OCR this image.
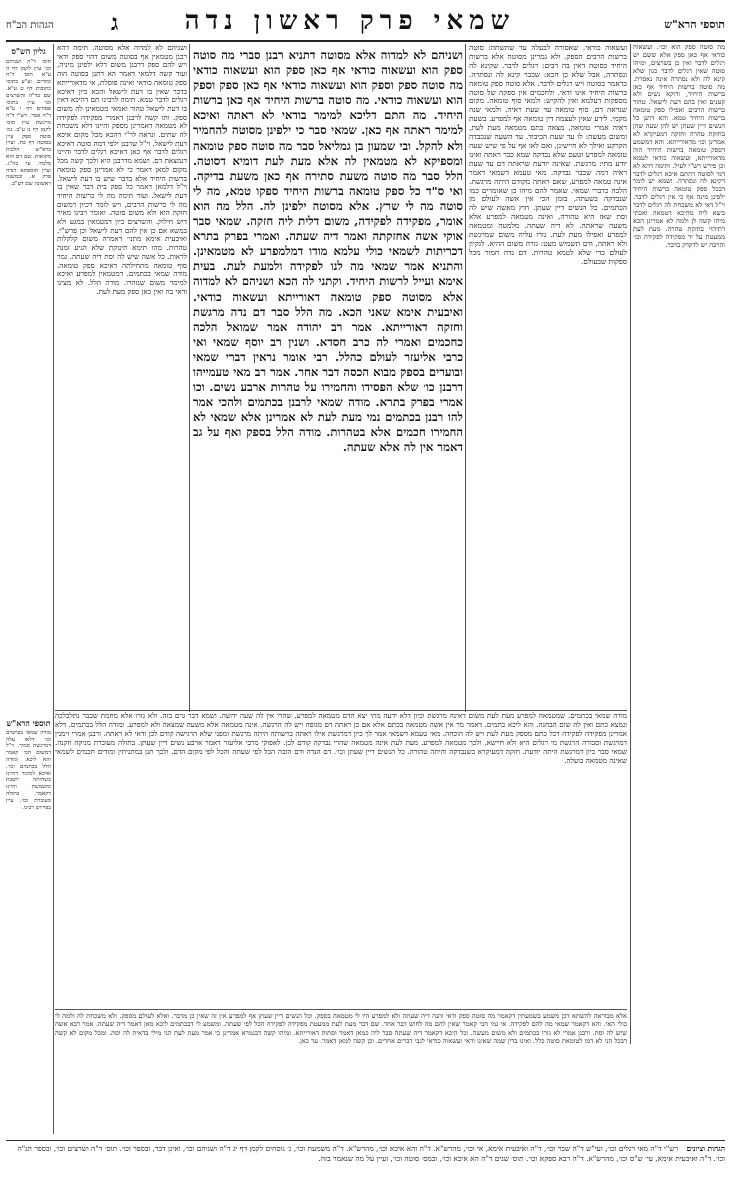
תוספי הרא"ש
שמאי פרק ראשון נדה
ג
הגהות הב"ח

מה סוטה ספק הוא וכו׳. ועשאוה כודאי אף כאן ספק אלא ששם יש רגלים לדבר ואין כן בשרצים, ומיהו סוטה שאין רגלים לדבר כגון שלא קינא לה ולא נסתרה אינה נאסרת. מה סוטה ברשות היחיד אף כאן ברשות היחיד, ודוקא נשים ולא קטנים ואין בהם דעת לישאל. טהור ברשות הרבים ואפילו ספק טומאה ברשות היחיד טמא. והא דתנן כל הנשים דיין שעתן יש להן שעה שהן בחזקת טהרה וחזקה דמעיקרא לא אמרינן וכו׳ מדאורייתא. והא דמשמע דספק טומאה ברשות היחיד הוה מדאורייתא, ועשאוה כודאי לטמא וכן פירש רש"י לעיל. ותימה דהא לא דמי לסוטה דהתם איכא רגלים לדבר דקינא לה ונסתרה. ושמא יש לומר דבכל ספק טומאה ברשות היחיד ילפינן מינה אף כי אין רגלים לדבר. וי"ל דאי לא משכחת לה רגלים לדבר ביצא ליה מהיכא דטמאה ואכתי מיהו קשה לן ולמה לא אמרינן הכא דתיהוי בחזקת טהרה. מעת לעת ממעטת על יד מפקידה לפקידה וכו׳ והרבה יש לדקדק בדבר.

ועשאוה כודאי. שאסורה לבעלה עד שתשתה: סוטה כרשות הרבים הספק. ולא גמרינן מסוטה אלא ברשות היחיד כסוטה דאין בה רבים: רגלים לדבר. שקינא לה ונסתרה, אבל שלא כן הכא: שכבר קינא לה ונסתרה. כדאמר בסוטה ויש רגלים לדבר. אלא סוטה ספק טומאה ברשות היחיד אינו ודאי. ולחכמים אין ספקה של סוטה מספקות דעלמא ואין להקיש: ולמאי סוף טומאה. מקום שנראה דם, סוף טומאה עד שעת ראיה. ולמאי שנה מקמי. לידע שאין לעצמה דין טומאה אף למפרע. בשעת ראיה אמרי טומאה, מצאה כתם מטמאה מעת לעת, ומשום מעשה: לו עד שעת הכיבוד. עד השעה שנכבדה הקרקע ואילך לא חיישינן, ואם לאו אף על פי שיש שעה טומאה למפרע וטעם שלא נבדקה שמא כבר ראתה ואינו יודע מתי: מרגשת. שאינה יודעת שראתה דם עד שעת ראיה דמה שכבר נבדקה. מאי טעמא דשמאי דאמר אינה טמאה למפרע, שאם ראתה מקודם היתה מרגשת. הלכה כדברי שמאי. שאמר להם מיהו כן שאומרים כמו שנבדקה בשעתה, בזמן הכי אין אשה לעולם מן הכתמים. כל הנשים דיין שעתן. חוץ מאשה שיש לה וסת שאז היא טהורה, ואינה מטמאה למפרע אלא משעה שראתה. לא דיה שעתה. מלמטה ומטמאה למפרע ואפילו מעת לעת. גזרו עליה משום שמרגשת ולא ראתה, ודם תשמיש מעט: גזרה משום ההיא. לנקיון לעולם כדי שלא לטמא טהרות. דם נדה חמור מכל ספקות שבעולם.

ושניהם לא למדוה אלא מסוטה דתניא רבנן סברי מה סוטה ספק הוא ועשאוה כודאי אף כאן ספק הוא ועשאוה כודאי מה סוטה ספק וספק הוא ועשאוה כודאי אף כאן ספק וספק הוא ועשאוה כודאי. מה סוטה ברשות היחיד אף כאן ברשות היחיד. מה התם דליכא למימר בודאי לא ראתה ואיכא למימר ראתה אף כאן. שמאי סבר כי ילפינן מסוטה להחמיר ולא להקל. ובי שמעון בן גמליאל סבר מה סוטה ספק טומאה ומספיקא לא מטמאין לה אלא מעת לעת דומיא דסוטה. הלל סבר מה סוטה משעת סתירה אף כאן משעת בדיקה. ואי ס"ד כל ספק טומאה ברשות היחיד ספקו טמא, מה לי סוטה מה לי שרץ. אלא מסוטה ילפינן לה. הלל מה הוא אומר, מפקידה לפקידה, משום דלית ליה חזקה. שמאי סבר אוקי אשה אחזקתה ואמר דיה שעתה. ואמרי בפרק בתרא דכריתות לשמאי כולי עלמא מודו דמלמפרע לא מטמאינן. והתניא אמר שמאי מה לנו לפקידה ולמעת לעת. בעית אימא ועייל לרשות היחיד. וקתני לה הכא ושניהם לא למדוה אלא מסוטה ספק טומאה דאורייתא ועשאוה כודאי. ואיבעית אימא שאני הכא. מה הלל סבר דם נדה מרגשת וחזקה דאורייתא. אמר רב יהודה אמר שמואל הלכה כחכמים ואמרי לה כרב חסדא. ושנין רב יוסף שמאי ואי כרבי אליעזר לעולם כהלל. רבי אומר נראין דברי שמאי ובוערים בספק מבוא הכסה דבר אחר. אמר רב מאי טעמייהו דרבנן כו׳ שלא הפסידו והחמירו על טהרות ארבע נשים. וכו אמרי בפרק בתרא. מודה שמאי לרבנן בכתמים ולהכי אמר להו רבנן בכתמים נמי מעת לעת לא אמרינן אלא שמאי לא החמירו חכמים אלא בטהרות. מודה הלל בספק ואף על גב דאמר אין לה אלא שעתה.

ושניהם לא למדוה אלא מסוטה. תימה דהא רבנן מטמאין אף בסוטה משום דהוי ספק ודאי ויש להם ספק דרבנן משום דלא ילפינן מיניה, ועוד קשה דלמאי דאמר הא דתנן בסוטה הוה ספק טומאה כודאי ואינה פוסלת, אי מדאורייתא בדבר שאין בו דעת לישאל והכא כיון דאיכא רגלים לדבר טמא. תימה לרבינו תם דהיכא דאין בו דעת לישאל טהור ואמאי מטמאינן לה משום ספק. ותו קשה לרבנן דאמרי מפקידה לפקידה לא מטמאה דאמרינן מספק והיינו דלא משכחת לה שתים. ונראה לר"י דהכא מכל מקום איכא דעת לישאל. וי"ל שרבנן ילפי דמה סוטה דאיכא רגלים לדבר אף כאן דאיכא רגלים לדבר והיינו דנמצאת דם. ושמא מדרבנן היא ולכך קשה מכל מקום למאן דאמר כי לא אמרינן ספק טומאה ברשות היחיד אלא בדבר שיש בו דעת לישאל. וי"ל דלמאן דאמר כל ספק בית דבר שאין בו דעת לישאל. ועוד תימה מה לי כרשות היחיד מה לי כרשות הרבים, ויש לומר דכיון דמשום חזקה הוא ולא משום סוטה. ואומר רבינו מאיר דיש חילוק. והשרצים כיון דמטמאין במגע ולא במשא אם כן אין להם דעת לישאל וכן פרש"י. ואיבעית אימא מתני׳ דאמרה משום קלקלות טהרות. מהו תימא תינוקת שלא הגיע זמנה לראות. כל אשה שיש לה וסת דיה שעתה. גמר סוף טומאה מתחילתה דאיכא ספק טומאה. מודה שמאי בכתמים. דמטמאין למפרע ואיכא למימר משום שנזהרו. מודה הלל. לא מצינו ודאי בה ואין כאן ספק מעת לעת.

גליון הש"ס

תוס׳ ד"ה ושניהם וכו׳ עיין לקמן דף ה ע"א תוס׳ ד"ה ומודים. וע"ע בתוס׳ כתובות דף ט ע"א. שם בד"ה והשרצים וכו׳ עיין בתוס׳ פסחים דף י ע"א ד"ה אמר. רש"י ד"ה מרגשת עיין תוס׳ לקמן דף נז ע"ב. גמ׳ סוטה ספק עיין בסוטה דף כח. ועיין ברא"ש הלכות מקואות. שם דם הוא מלמד. עי׳ בה"ג. ועיין תוספתא דנדה פרק א. ובמשנה ראשונה שם דע"ב.

מודה שמאי בכתמים. שמטמאה למפרע מעת לעת משום דאינה מרגשת וכיון דלא ידעה מתי יצא הדם מטמאה למפרע, שהרי אין לה שעה ידועה. ושמא דבר גרם בזה. ולא גזרו אלא מחמת שכבר נתלכלכה ונמצא כתם ואין לה שום הבחנה. והא ליכא כתמים. דאמר מר אין אשה מטמאה בכתם אלא אם כן ראתה דם מגופה ויש לה הרגשה. אינה מטמאה אלא משעה שמצאה ולא למפרע. ומודה הלל בכתמים. דלא אמרינן מפקידה לפקידה דכל כתם מספק מעת לעת ויש לה הוכחה. מאי טעמא דשמאי אמר לך כיון דמרגשת אילו ראתה ברשותה היתה מרגשת ומפני שלא הרגישה קודם לכן ודאי לא ראתה. ורבנן אמרי זימנין דמרגשת וסבורה הרגשת מי רגלים היא ולא חיישא, ולכך מטמאה למפרע. מעת לעת אינה מטמאה שהרי נבדקה קודם לכן. לאפוקי מרבי אליעזר דאמר ארבע נשים דיין שעתן. בתולה מעוברת מניקה וזקנה. שמאי סבר כיון דמרגשת היתה יודעת. חזקה דמעיקרא כשנבדקה והיתה טהורה. כל הנשים דיין שעתן וכו׳. דם הנדה ודם הזבה הכל לפי שעתה והכל לפי מקום הדם. ולכך תנן במתניתין ומודים חכמים לשמאי שאינה מטמאה בועלה.

תוספי הרא"ש

מודה שמאי בכתמים וכו׳ דלאו עלה דמרגשת סמיך. וי"ל דמשום הכי קאמר והא ליכא. ומודה הלל בכתמים וכו׳. ואיכא למימר דהיינו כשהיתה יושבת ומשמשת והיינו דקאמר. בתולה מעוברת וכו׳. עיין בפירוש רבינו.

אלא מבוראה להשתא דכן משמע בשמעתין דקאמר מה סוטה ספק ודאי והנה דיה שעתה ולא למפרע היו לי מטמאה בספק. וכל הנשים דיין שעתן אף למפרע אין זה שאין כן מדבר. ואלא לעולם מספק. ולא משכחת לה ולמה לי כולי האי. והא דקאמר שמאי מה להם לפקידה. אי נמי הכי קאמר שאין להם מה לחוש דבר אחר. שם דבר מעת לעת ממעטת מפקידה לפקידה הכל לפי שעתה. ומשמע לי דבכתמים ליכא מאן דאמר דיה שעתה. אמר רבא אשה שיש לה וסת. ורבנן אמרי לא גזרו בכתמים ולא משום מעשה. וכל היכא דקאמר דיה שעתה סבר ליה כמאן דאמר וסתות דאורייתא. ומיהו קשה דבגמרא אמרינן כי אמר מעת לעת הני מילי בדאית לה וסת. ומכל מקום לא קשה דבכל הני לא דמו לטומאת סוטה כלל. ואינו בדין שמה שאינו ודאי ועשאוה כודאי לגבי דברים אחרים. וכן קשה למאן דאמר. עד כאן.

הגהות וציונים רש"י ד"ה מאי רגלים וכו׳, ועי"ש ד"ה שבר וכו׳, ד"ה ואיבעית אימא, אי וכו׳, מהרש"א. ד"ה והא איכא וכו׳, מהרש"א. ד"ה משמעת וכו׳, ג׳ נוסחים לקמן דף יג ד"ה ושניהם וכו׳, ואינן דבר, ובספר וכו׳. תוס׳ ד"ה ושרצים וכו׳, ובספר הג"ה וכו׳. ד"ה ואיבעית אימא, עי׳ ש"ס וכו׳, מהרש"א. ד"ה רבא ספקא וכו׳. תוס׳ שנים ד"ה הא איכא וכו׳, ובמס׳ סוטה וכו׳, ועיין על מה שנאמר בזה.
